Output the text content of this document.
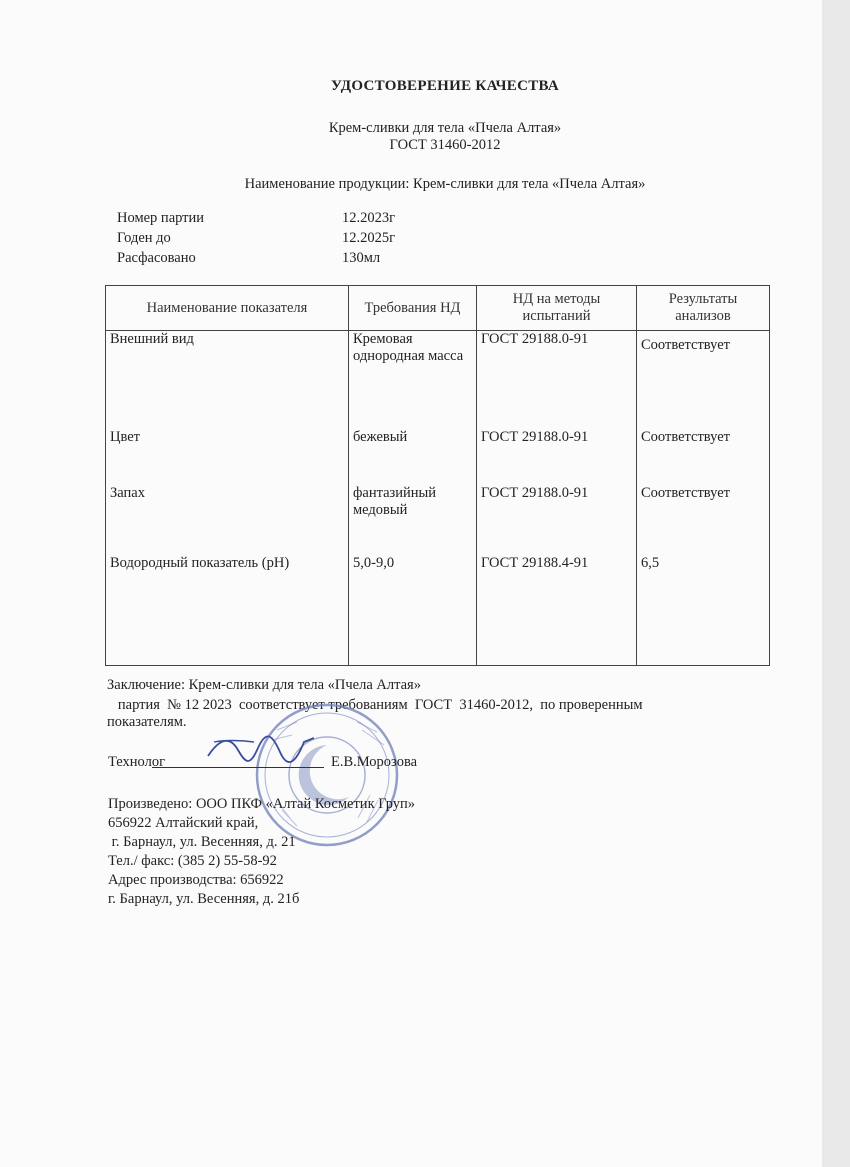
УДОСТОВЕРЕНИЕ КАЧЕСТВА
Крем-сливки для тела «Пчела Алтая»
ГОСТ 31460-2012
Наименование продукции: Крем-сливки для тела «Пчела Алтая»
Номер партии	12.2023г
Годен до	12.2025г
Расфасовано	130мл
Наименование показателя	Требования НД	НД на методы испытаний	Результаты анализов
Внешний вид	Кремовая однородная масса	ГОСТ 29188.0-91	Соответствует
Цвет	бежевый	ГОСТ 29188.0-91	Соответствует
Запах	фантазийный медовый	ГОСТ 29188.0-91	Соответствует
Водородный показатель (рН)	5,0-9,0	ГОСТ 29188.4-91	6,5
Заключение: Крем-сливки для тела «Пчела Алтая»
партия  № 12 2023  соответствует требованиям  ГОСТ  31460-2012,  по проверенным
показателям.
Технолог	Е.В.Морозова
Произведено: ООО ПКФ «Алтай Косметик Груп»
656922 Алтайский край,
г. Барнаул, ул. Весенняя, д. 21
Тел./ факс: (385 2) 55-58-92
Адрес производства: 656922
г. Барнаул, ул. Весенняя, д. 21б
